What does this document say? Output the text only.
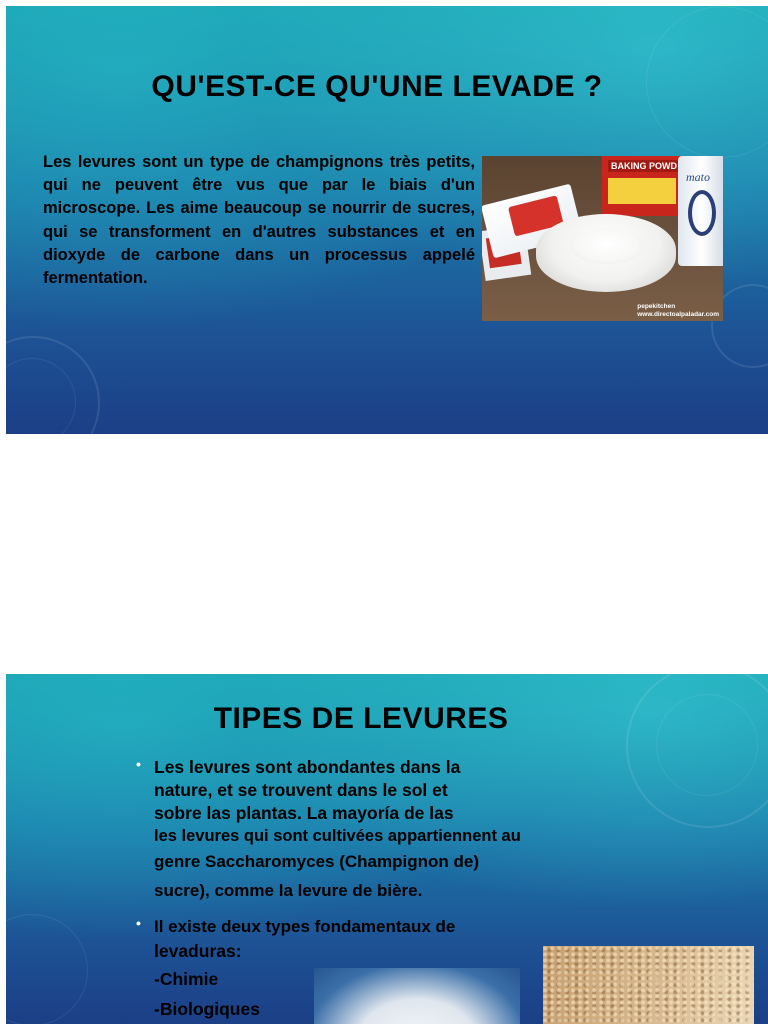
QU'EST-CE QU'UNE LEVADE ?

Les levures sont un type de champignons très petits, qui ne peuvent être vus que par le biais d'un microscope. Les aime beaucoup se nourrir de sucres, qui se transforment en d'autres substances et en dioxyde de carbone dans un processus appelé fermentation.

BAKING POWD
mato
pepekitchen
www.directoalpaladar.com
TIPES DE LEVURES
• Les levures sont abondantes dans la
nature, et se trouvent dans le sol et
sobre las plantas. La mayoría de las
les levures qui sont cultivées appartiennent au
genre Saccharomyces (Champignon de)
sucre), comme la levure de bière.
• Il existe deux types fondamentaux de
levaduras:
-Chimie
-Biologiques
